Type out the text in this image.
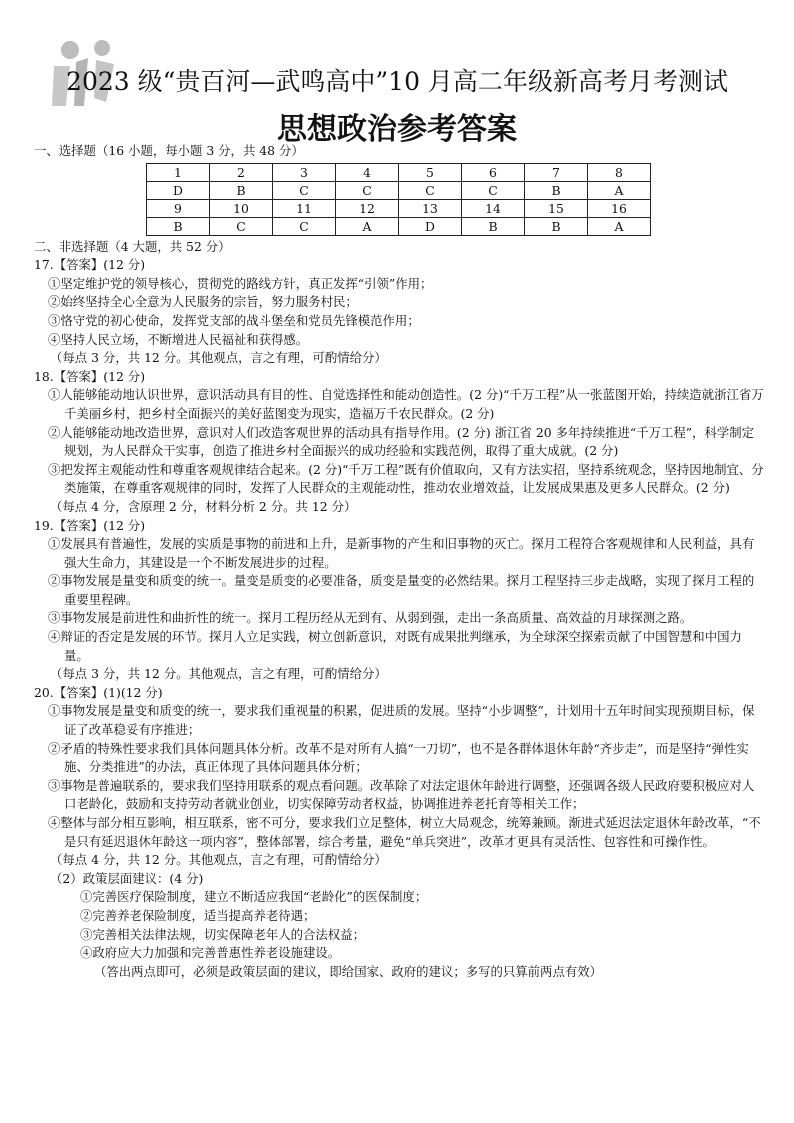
2023 级“贵百河—武鸣高中”10 月高二年级新高考月考测试
思想政治参考答案

一、选择题（16 小题，每小题 3 分，共 48 分）

1	2	3	4	5	6	7	8
D	B	C	C	C	C	B	A
9	10	11	12	13	14	15	16
B	C	C	A	D	B	B	A

二、非选择题（4 大题，共 52 分）

17.【答案】(12 分)

①坚定维护党的领导核心，贯彻党的路线方针，真正发挥“引领”作用；

②始终坚持全心全意为人民服务的宗旨，努力服务村民；

③恪守党的初心使命，发挥党支部的战斗堡垒和党员先锋模范作用；

④坚持人民立场，不断增进人民福祉和获得感。

（每点 3 分，共 12 分。其他观点，言之有理，可酌情给分）

18.【答案】(12 分)

①人能够能动地认识世界，意识活动具有目的性、自觉选择性和能动创造性。(2 分)“千万工程”从一张蓝图开始，持续造就浙江省万千美丽乡村，把乡村全面振兴的美好蓝图变为现实，造福万千农民群众。(2 分)

②人能够能动地改造世界，意识对人们改造客观世界的活动具有指导作用。(2 分) 浙江省 20 多年持续推进“千万工程”，科学制定规划，为人民群众干实事，创造了推进乡村全面振兴的成功经验和实践范例，取得了重大成就。(2 分)

③把发挥主观能动性和尊重客观规律结合起来。(2 分)“千万工程”既有价值取向，又有方法实招，坚持系统观念，坚持因地制宜、分类施策，在尊重客观规律的同时，发挥了人民群众的主观能动性，推动农业增效益，让发展成果惠及更多人民群众。(2 分)

（每点 4 分，含原理 2 分，材料分析 2 分。共 12 分）

19.【答案】(12 分)

①发展具有普遍性，发展的实质是事物的前进和上升，是新事物的产生和旧事物的灭亡。探月工程符合客观规律和人民利益，具有强大生命力，其建设是一个不断发展进步的过程。

②事物发展是量变和质变的统一。量变是质变的必要准备，质变是量变的必然结果。探月工程坚持三步走战略，实现了探月工程的重要里程碑。

③事物发展是前进性和曲折性的统一。探月工程历经从无到有、从弱到强，走出一条高质量、高效益的月球探测之路。

④辩证的否定是发展的环节。探月人立足实践，树立创新意识，对既有成果批判继承，为全球深空探索贡献了中国智慧和中国力量。

（每点 3 分，共 12 分。其他观点，言之有理，可酌情给分）

20.【答案】(1)(12 分)

①事物发展是量变和质变的统一，要求我们重视量的积累，促进质的发展。坚持“小步调整”，计划用十五年时间实现预期目标，保证了改革稳妥有序推进；

②矛盾的特殊性要求我们具体问题具体分析。改革不是对所有人搞“一刀切”，也不是各群体退休年龄“齐步走”，而是坚持“弹性实施、分类推进”的办法，真正体现了具体问题具体分析；

③事物是普遍联系的，要求我们坚持用联系的观点看问题。改革除了对法定退休年龄进行调整，还强调各级人民政府要积极应对人口老龄化，鼓励和支持劳动者就业创业，切实保障劳动者权益，协调推进养老托育等相关工作；

④整体与部分相互影响，相互联系，密不可分，要求我们立足整体，树立大局观念，统筹兼顾。渐进式延迟法定退休年龄改革，“不是只有延迟退休年龄这一项内容”，整体部署，综合考量，避免“单兵突进”，改革才更具有灵活性、包容性和可操作性。

（每点 4 分，共 12 分。其他观点，言之有理，可酌情给分）

（2）政策层面建议：(4 分)

①完善医疗保险制度，建立不断适应我国“老龄化”的医保制度；

②完善养老保险制度，适当提高养老待遇；

③完善相关法律法规，切实保障老年人的合法权益；

④政府应大力加强和完善普惠性养老设施建设。

（答出两点即可，必须是政策层面的建议，即给国家、政府的建议；多写的只算前两点有效）
